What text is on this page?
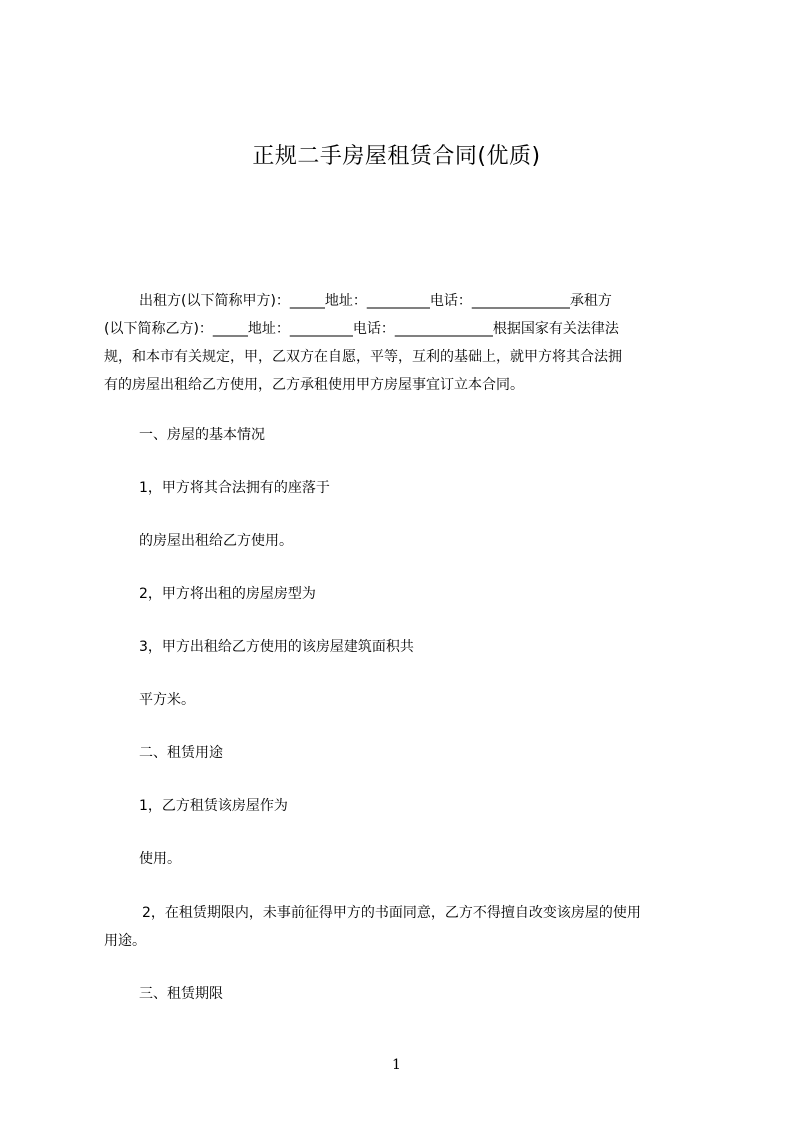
正规二手房屋租赁合同(优质)
出租方(以下简称甲方)：_____地址：_________电话：______________承租方
(以下简称乙方)：_____地址：_________电话：______________根据国家有关法律法
规，和本市有关规定，甲，乙双方在自愿，平等，互利的基础上，就甲方将其合法拥
有的房屋出租给乙方使用，乙方承租使用甲方房屋事宜订立本合同。
一、房屋的基本情况
1，甲方将其合法拥有的座落于
的房屋出租给乙方使用。
2，甲方将出租的房屋房型为
3，甲方出租给乙方使用的该房屋建筑面积共
平方米。
二、租赁用途
1，乙方租赁该房屋作为
使用。
2，在租赁期限内，未事前征得甲方的书面同意，乙方不得擅自改变该房屋的使用
用途。
三、租赁期限
1
